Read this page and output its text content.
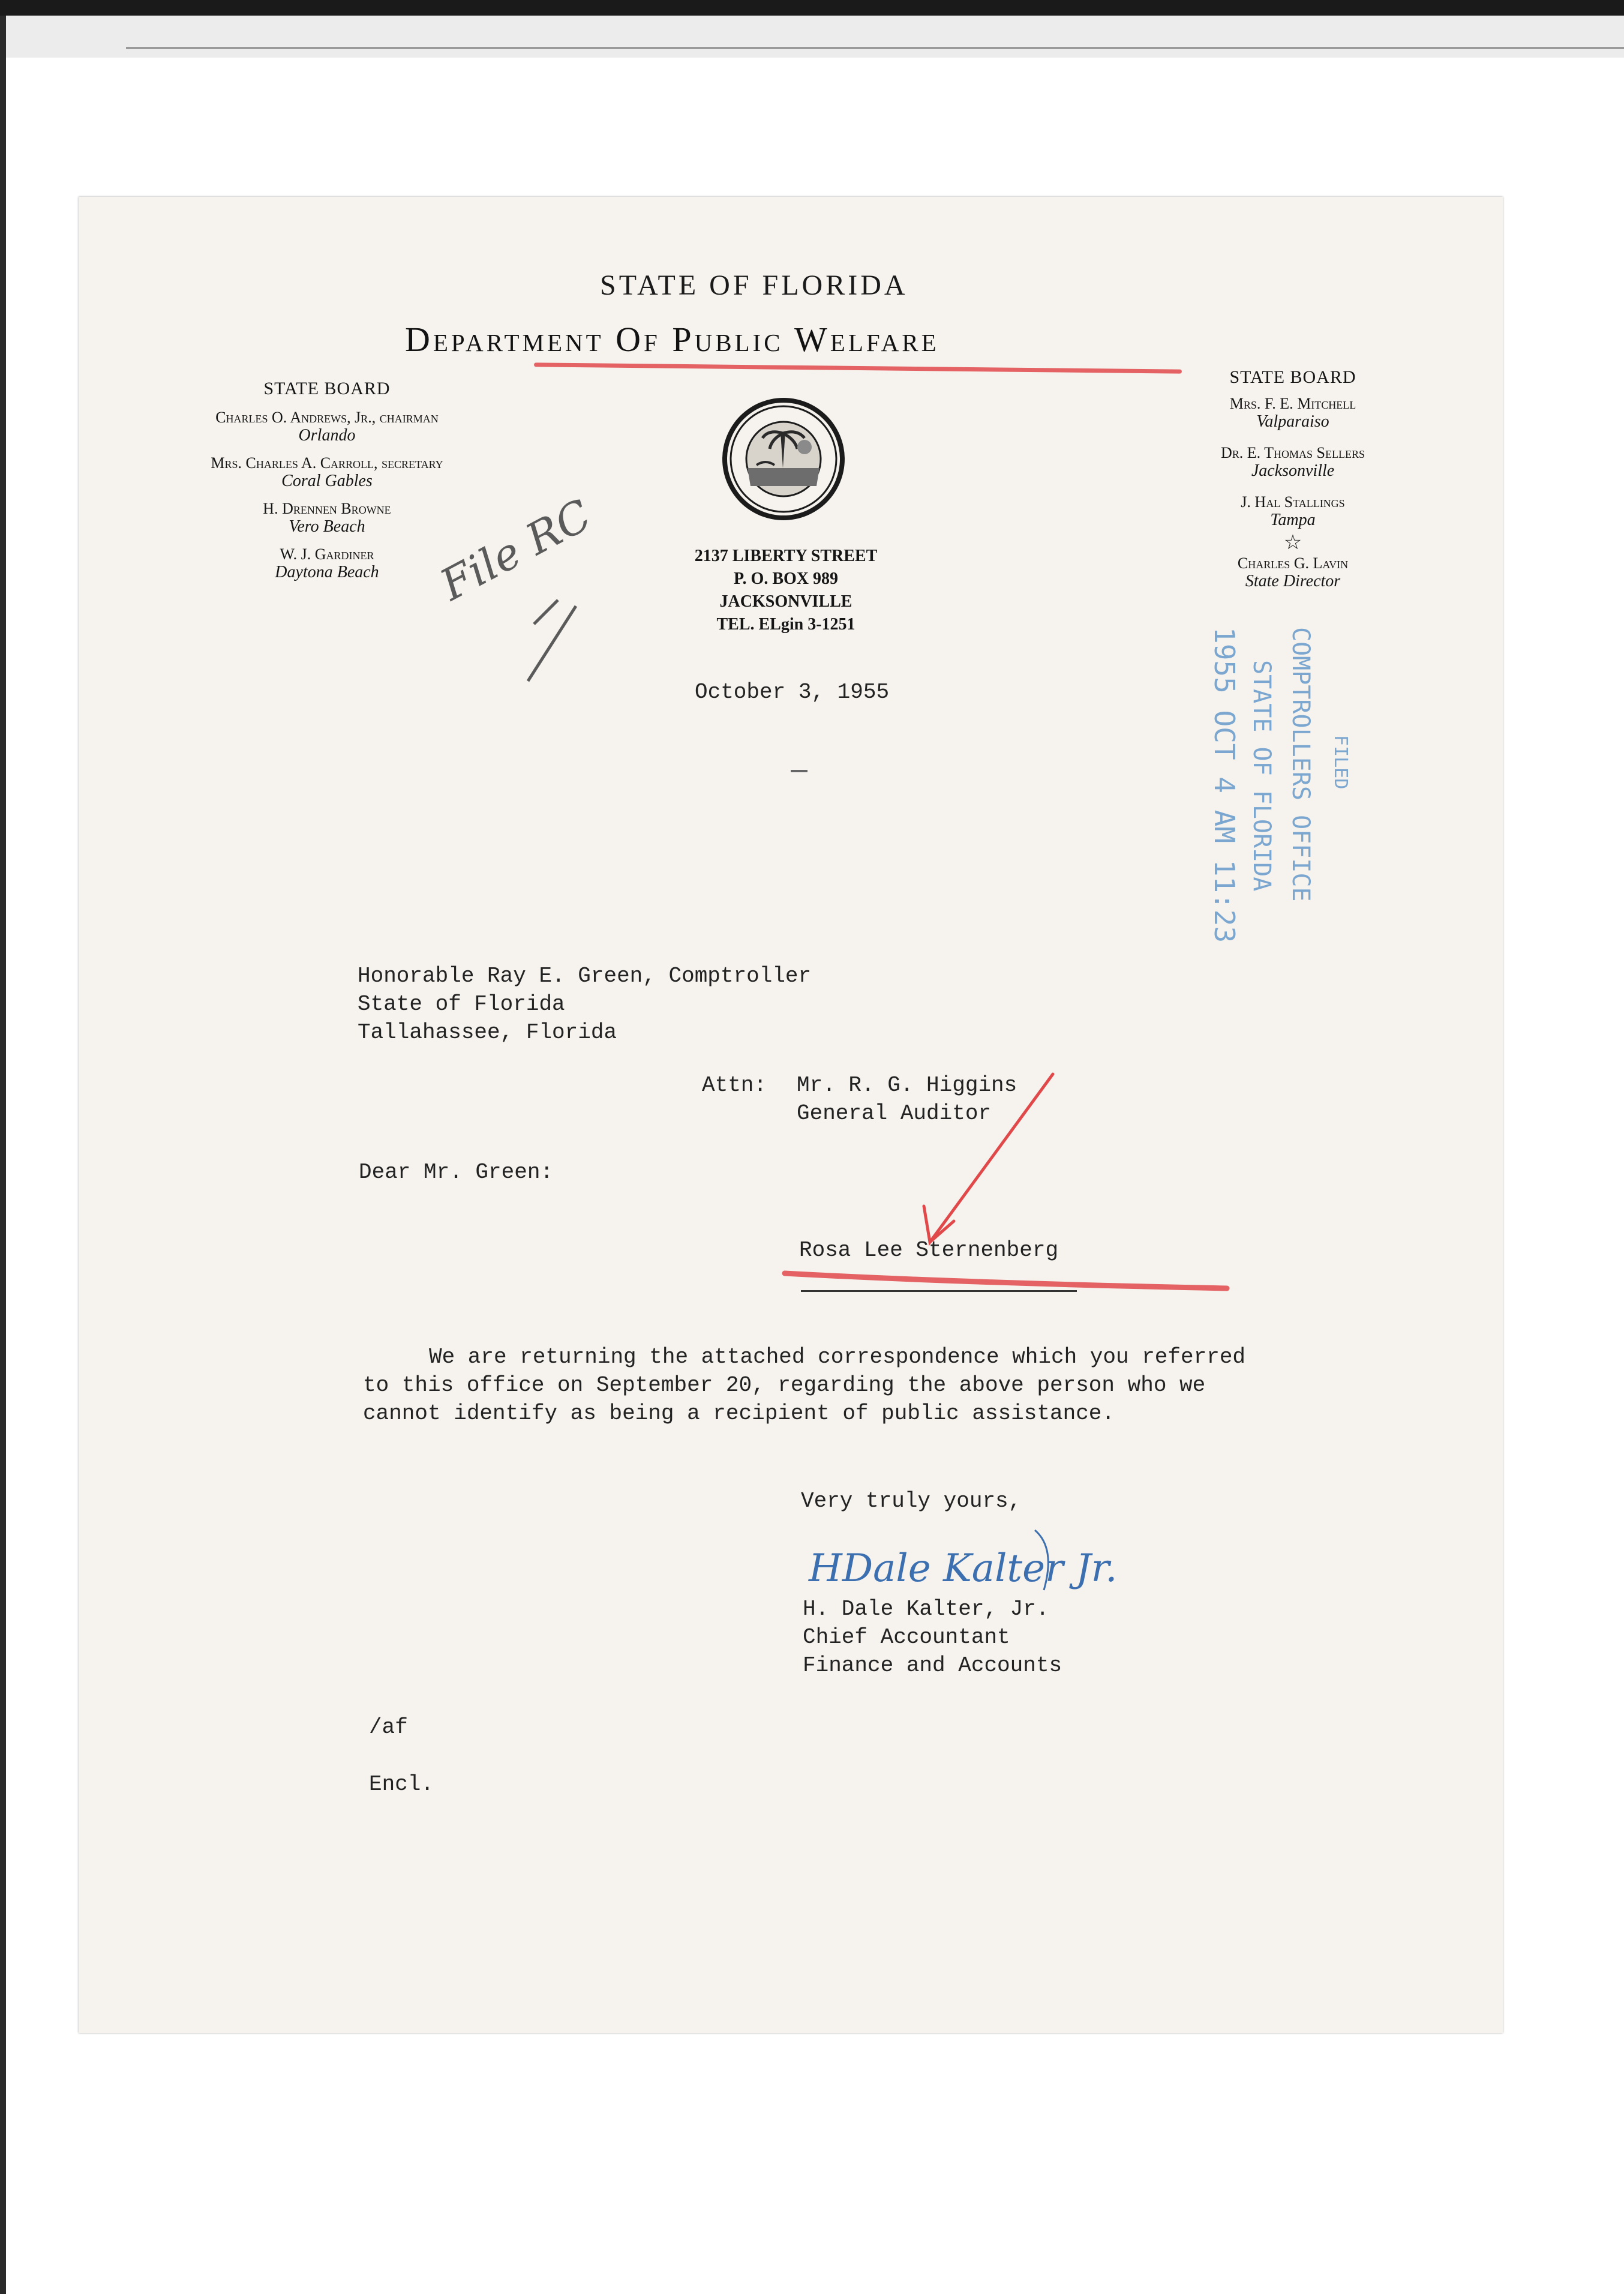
STATE OF FLORIDA
Department Of Public Welfare
STATE BOARD
Charles O. Andrews, Jr., chairman
Orlando
Mrs. Charles A. Carroll, secretary
Coral Gables
H. Drennen Browne
Vero Beach
W. J. Gardiner
Daytona Beach
STATE BOARD
Mrs. F. E. Mitchell
Valparaiso
Dr. E. Thomas Sellers
Jacksonville
J. Hal Stallings
Tampa
☆
Charles G. Lavin
State Director
2137 LIBERTY STREET
P. O. BOX 989
JACKSONVILLE
TEL. ELgin 3-1251
File RC
COMPTROLLERS OFFICE
STATE OF FLORIDA	FILED
1955 OCT 4 AM 11:23
October 3, 1955
Honorable Ray E. Green, Comptroller
State of Florida
Tallahassee, Florida
Attn: Mr. R. G. Higgins
General Auditor
Dear Mr. Green:
Rosa Lee Sternenberg
We are returning the attached correspondence which you referred
to this office on September 20, regarding the above person who we
cannot identify as being a recipient of public assistance.
Very truly yours,
HDale Kalter Jr.
H. Dale Kalter, Jr.
Chief Accountant
Finance and Accounts
/af
Encl.
